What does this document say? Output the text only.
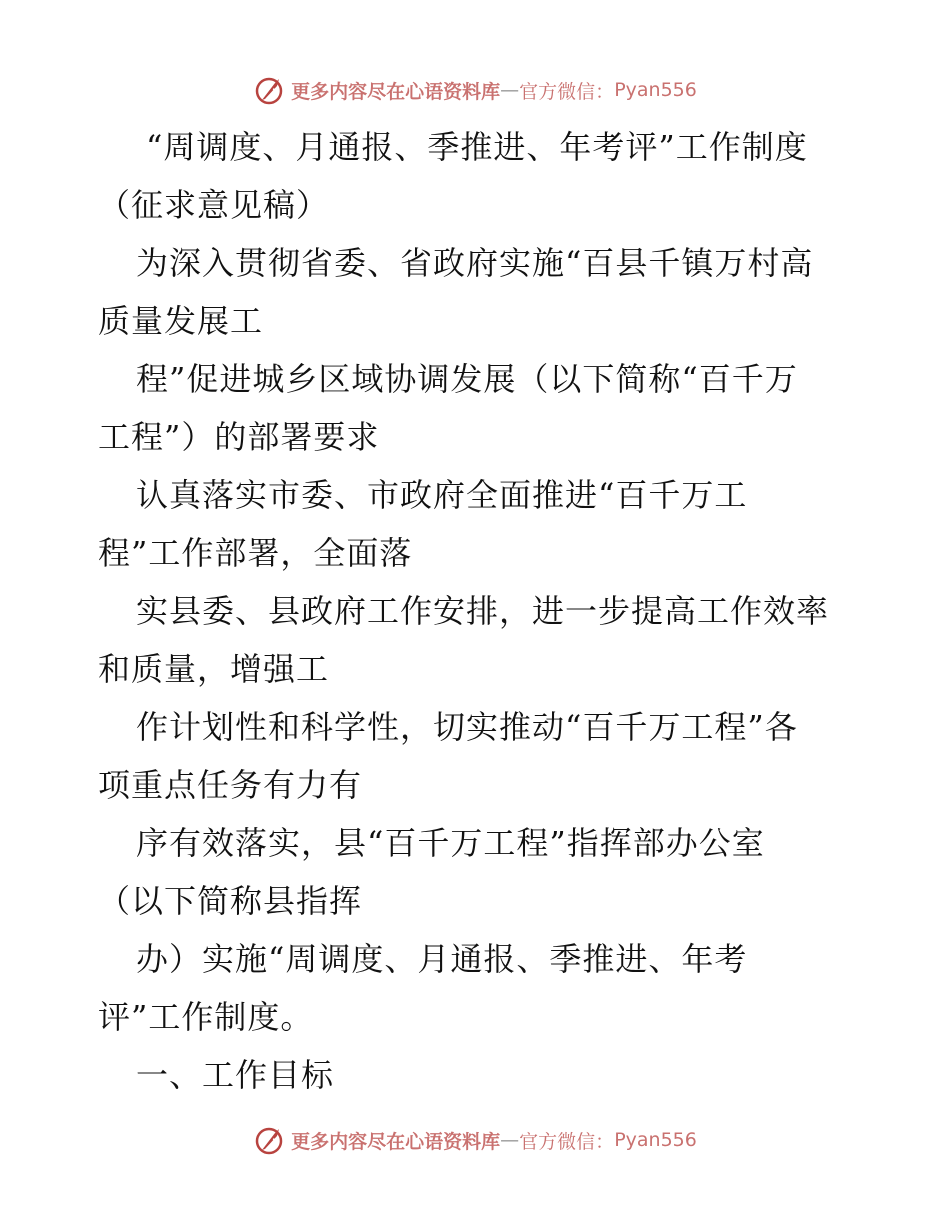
更多内容尽在心语资料库 — 官方微信： Pyan556
“周调度、月通报、季推进、年考评”工作制度
（征求意见稿）
为深入贯彻省委、省政府实施“百县千镇万村高
质量发展工
程”促进城乡区域协调发展（以下简称“百千万
工程”）的部署要求
认真落实市委、市政府全面推进“百千万工
程”工作部署，全面落
实县委、县政府工作安排，进一步提高工作效率
和质量，增强工
作计划性和科学性，切实推动“百千万工程”各
项重点任务有力有
序有效落实，县“百千万工程”指挥部办公室
（以下简称县指挥
办）实施“周调度、月通报、季推进、年考
评”工作制度。
一、工作目标
更多内容尽在心语资料库 — 官方微信： Pyan556
